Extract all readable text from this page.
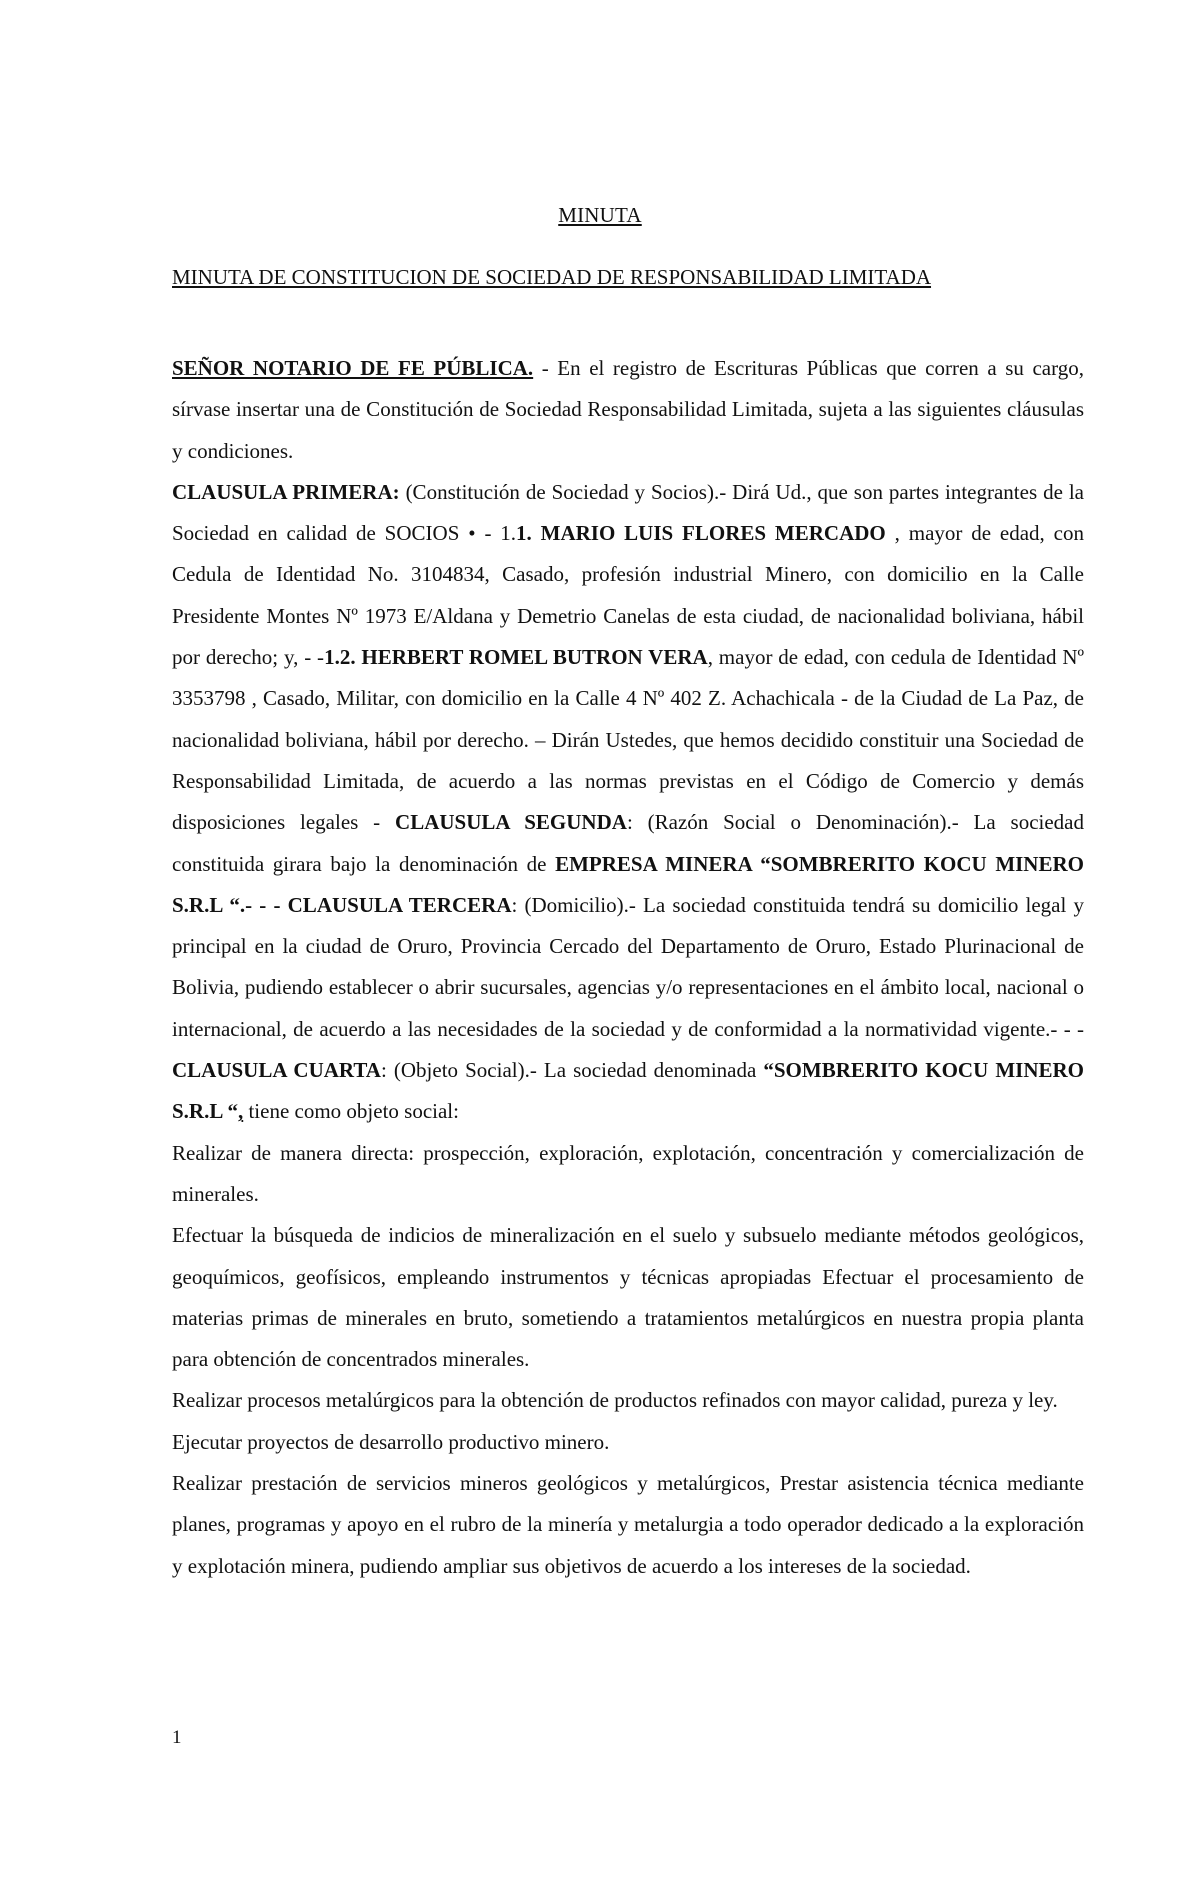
MINUTA
MINUTA DE CONSTITUCION DE SOCIEDAD DE RESPONSABILIDAD LIMITADA

SEÑOR NOTARIO DE FE PÚBLICA. - En el registro de Escrituras Públicas que corren a su cargo, sírvase insertar una de Constitución de Sociedad Responsabilidad Limitada, sujeta a las siguientes cláusulas y condiciones.

CLAUSULA PRIMERA: (Constitución de Sociedad y Socios).- Dirá Ud., que son partes integrantes de la Sociedad en calidad de SOCIOS • - 1.1. MARIO LUIS FLORES MERCADO , mayor de edad, con Cedula de Identidad No. 3104834, Casado, profesión industrial Minero, con domicilio en la Calle Presidente Montes Nº 1973 E/Aldana y Demetrio Canelas de esta ciudad, de nacionalidad boliviana, hábil por derecho; y, - -1.2. HERBERT ROMEL BUTRON VERA, mayor de edad, con cedula de Identidad Nº 3353798 , Casado, Militar, con domicilio en la Calle 4 Nº 402 Z. Achachicala - de la Ciudad de La Paz, de nacionalidad boliviana, hábil por derecho. – Dirán Ustedes, que hemos decidido constituir una Sociedad de Responsabilidad Limitada, de acuerdo a las normas previstas en el Código de Comercio y demás disposiciones legales - CLAUSULA SEGUNDA: (Razón Social o Denominación).- La sociedad constituida girara bajo la denominación de EMPRESA MINERA “SOMBRERITO KOCU MINERO S.R.L “.- - - CLAUSULA TERCERA: (Domicilio).- La sociedad constituida tendrá su domicilio legal y principal en la ciudad de Oruro, Provincia Cercado del Departamento de Oruro, Estado Plurinacional de Bolivia, pudiendo establecer o abrir sucursales, agencias y/o representaciones en el ámbito local, nacional o internacional, de acuerdo a las necesidades de la sociedad y de conformidad a la normatividad vigente.- - - CLAUSULA CUARTA: (Objeto Social).- La sociedad denominada “SOMBRERITO KOCU MINERO S.R.L “, tiene como objeto social:

Realizar de manera directa: prospección, exploración, explotación, concentración y comercialización de minerales.

Efectuar la búsqueda de indicios de mineralización en el suelo y subsuelo mediante métodos geológicos, geoquímicos, geofísicos, empleando instrumentos y técnicas apropiadas Efectuar el procesamiento de materias primas de minerales en bruto, sometiendo a tratamientos metalúrgicos en nuestra propia planta para obtención de concentrados minerales.

Realizar procesos metalúrgicos para la obtención de productos refinados con mayor calidad, pureza y ley.

Ejecutar proyectos de desarrollo productivo minero.

Realizar prestación de servicios mineros geológicos y metalúrgicos, Prestar asistencia técnica mediante planes, programas y apoyo en el rubro de la minería y metalurgia a todo operador dedicado a la exploración y explotación minera, pudiendo ampliar sus objetivos de acuerdo a los intereses de la sociedad.

1
